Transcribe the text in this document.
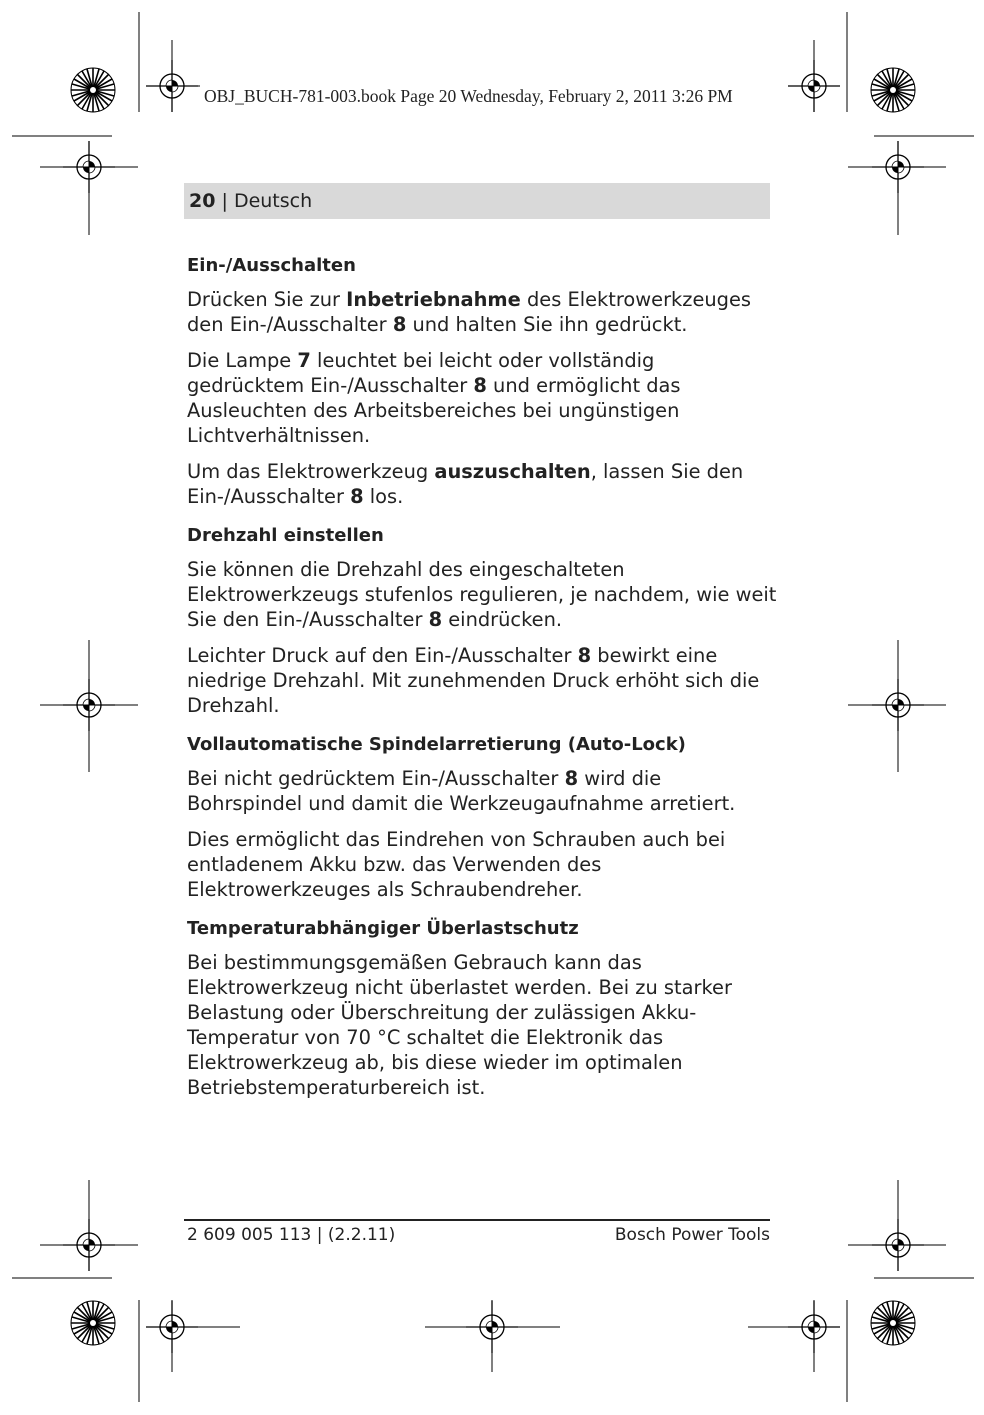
OBJ_BUCH-781-003.book Page 20 Wednesday, February 2, 2011 3:26 PM
20 | Deutsch
Ein-/Ausschalten

Drücken Sie zur Inbetriebnahme des Elektrowerkzeuges den Ein-/Ausschalter 8 und halten Sie ihn gedrückt.

Die Lampe 7 leuchtet bei leicht oder vollständig gedrücktem Ein-/Ausschalter 8 und ermöglicht das Ausleuchten des Arbeitsbereiches bei ungünstigen Lichtverhältnissen.

Um das Elektrowerkzeug auszuschalten, lassen Sie den Ein-/Ausschalter 8 los.

Drehzahl einstellen

Sie können die Drehzahl des eingeschalteten Elektrowerkzeugs stufenlos regulieren, je nachdem, wie weit Sie den Ein-/Ausschalter 8 eindrücken.

Leichter Druck auf den Ein-/Ausschalter 8 bewirkt eine niedrige Drehzahl. Mit zunehmenden Druck erhöht sich die Drehzahl.

Vollautomatische Spindelarretierung (Auto-Lock)

Bei nicht gedrücktem Ein-/Ausschalter 8 wird die Bohrspindel und damit die Werkzeugaufnahme arretiert.

Dies ermöglicht das Eindrehen von Schrauben auch bei entladenem Akku bzw. das Verwenden des Elektrowerkzeuges als Schraubendreher.

Temperaturabhängiger Überlastschutz

Bei bestimmungsgemäßen Gebrauch kann das Elektrowerkzeug nicht überlastet werden. Bei zu starker Belastung oder Überschreitung der zulässigen Akku-Temperatur von 70 °C schaltet die Elektronik das Elektrowerkzeug ab, bis diese wieder im optimalen Betriebstemperaturbereich ist.

2 609 005 113 | (2.2.11)	Bosch Power Tools
